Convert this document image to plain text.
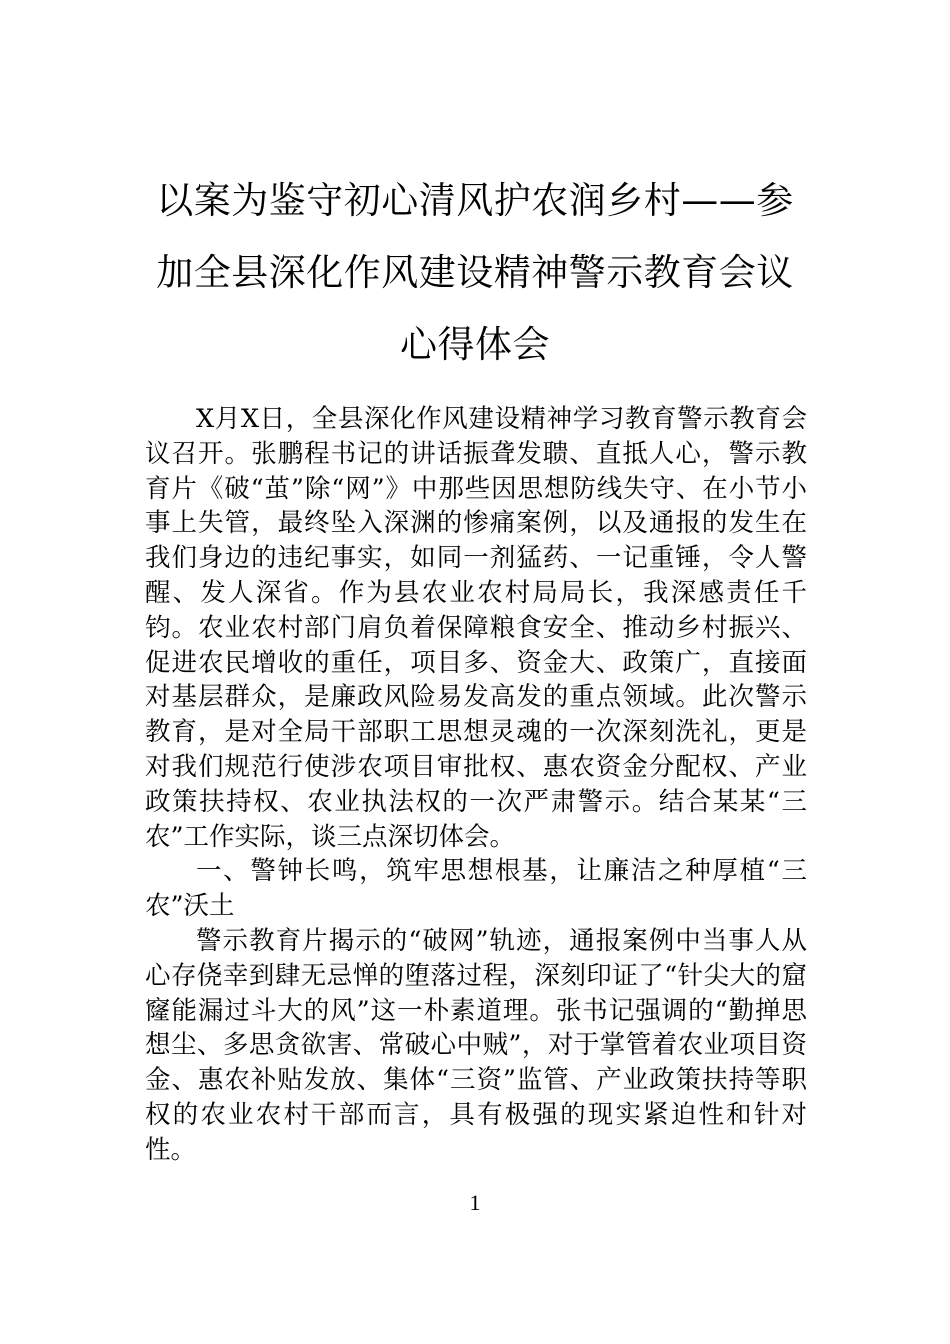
以案为鉴守初心清风护农润乡村——参加全县深化作风建设精神警示教育会议心得体会

X月X日，全县深化作风建设精神学习教育警示教育会议召开。张鹏程书记的讲话振聋发聩、直抵人心，警示教育片《破“茧”除“网”》中那些因思想防线失守、在小节小事上失管，最终坠入深渊的惨痛案例，以及通报的发生在我们身边的违纪事实，如同一剂猛药、一记重锤，令人警醒、发人深省。作为县农业农村局局长，我深感责任千钧。农业农村部门肩负着保障粮食安全、推动乡村振兴、促进农民增收的重任，项目多、资金大、政策广，直接面对基层群众，是廉政风险易发高发的重点领域。此次警示教育，是对全局干部职工思想灵魂的一次深刻洗礼，更是对我们规范行使涉农项目审批权、惠农资金分配权、产业政策扶持权、农业执法权的一次严肃警示。结合某某“三农”工作实际，谈三点深切体会。

一、警钟长鸣，筑牢思想根基，让廉洁之种厚植“三农”沃土

警示教育片揭示的“破网”轨迹，通报案例中当事人从心存侥幸到肆无忌惮的堕落过程，深刻印证了“针尖大的窟窿能漏过斗大的风”这一朴素道理。张书记强调的“勤掸思想尘、多思贪欲害、常破心中贼”，对于掌管着农业项目资金、惠农补贴发放、集体“三资”监管、产业政策扶持等职权的农业农村干部而言，具有极强的现实紧迫性和针对性。

1
